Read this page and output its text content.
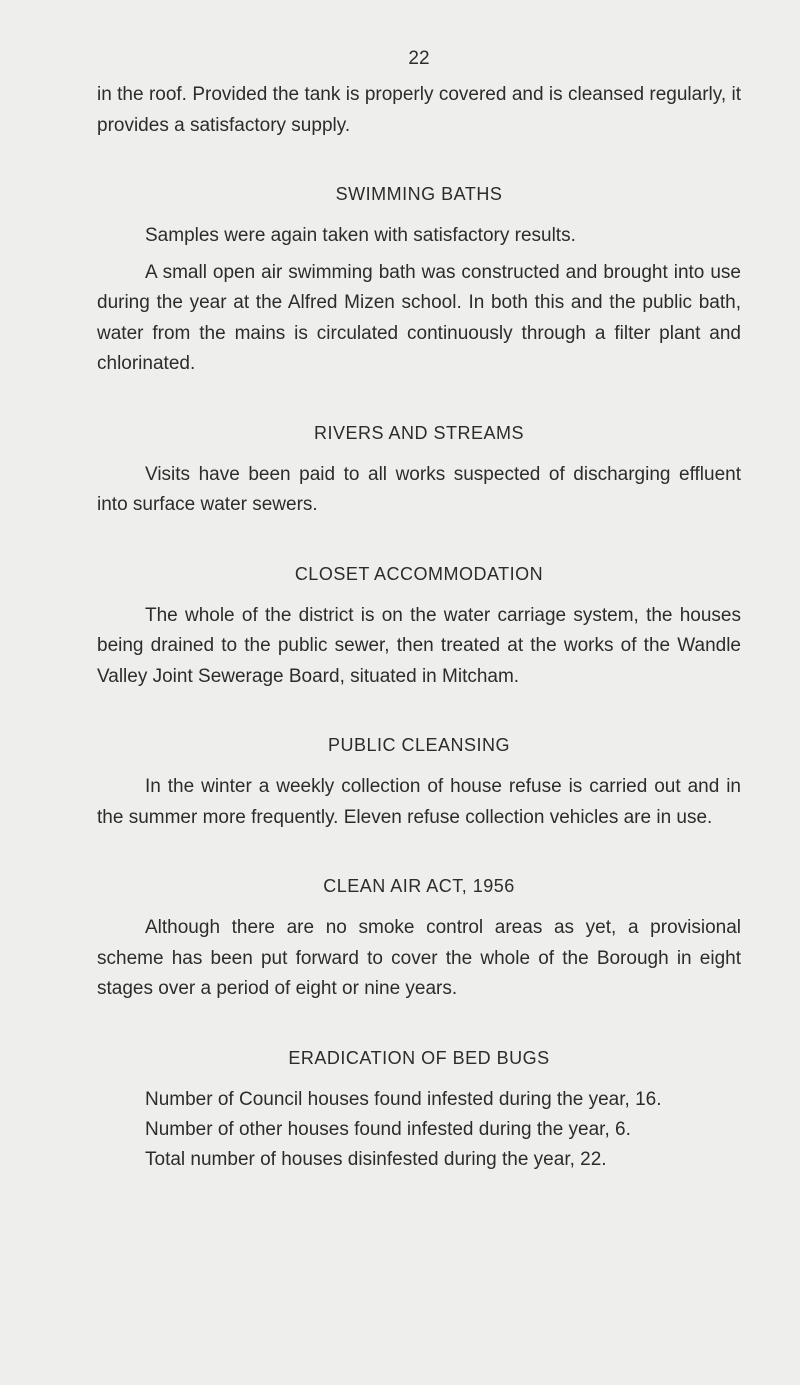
22

in the roof. Provided the tank is properly covered and is cleansed regularly, it provides a satisfactory supply.

SWIMMING BATHS

Samples were again taken with satisfactory results.

A small open air swimming bath was constructed and brought into use during the year at the Alfred Mizen school. In both this and the public bath, water from the mains is circulated continuously through a filter plant and chlorinated.

RIVERS AND STREAMS

Visits have been paid to all works suspected of discharging effluent into surface water sewers.

CLOSET ACCOMMODATION

The whole of the district is on the water carriage system, the houses being drained to the public sewer, then treated at the works of the Wandle Valley Joint Sewerage Board, situated in Mitcham.

PUBLIC CLEANSING

In the winter a weekly collection of house refuse is carried out and in the summer more frequently. Eleven refuse collection vehicles are in use.

CLEAN AIR ACT, 1956

Although there are no smoke control areas as yet, a provisional scheme has been put forward to cover the whole of the Borough in eight stages over a period of eight or nine years.

ERADICATION OF BED BUGS

Number of Council houses found infested during the year, 16.

Number of other houses found infested during the year, 6.

Total number of houses disinfested during the year, 22.
